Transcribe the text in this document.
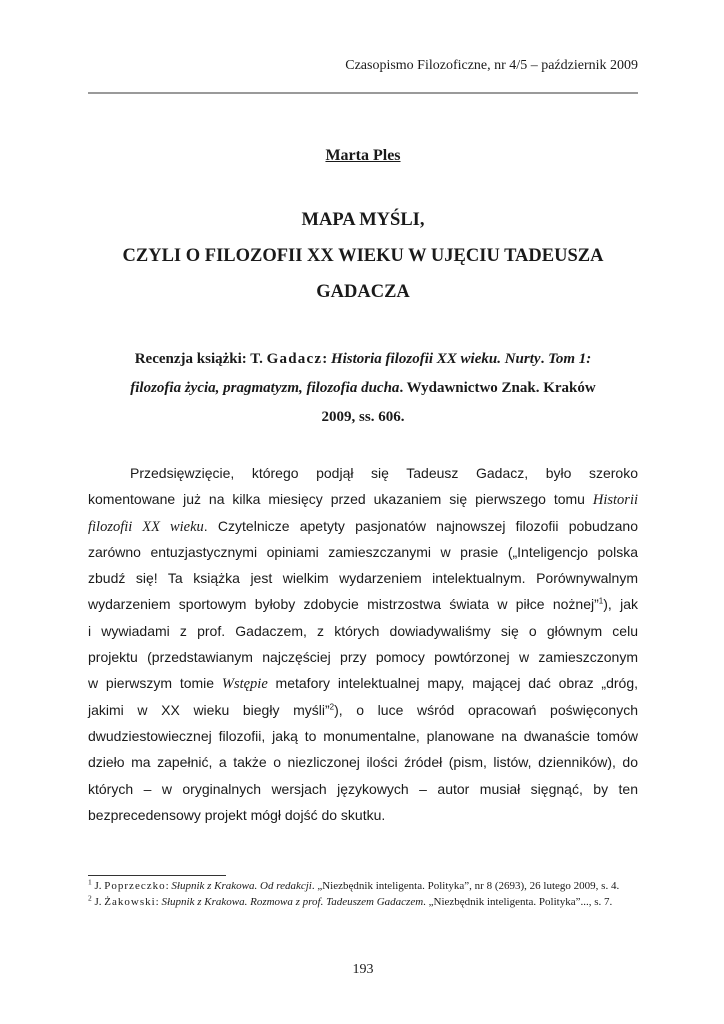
Czasopismo Filozoficzne, nr 4/5 – październik 2009
Marta Ples
MAPA MYŚLI,
CZYLI O FILOZOFII XX WIEKU W UJĘCIU TADEUSZA
GADACZA

Recenzja książki: T. Gadacz: Historia filozofii XX wieku. Nurty. Tom 1:
filozofia życia, pragmatyzm, filozofia ducha. Wydawnictwo Znak. Kraków
2009, ss. 606.

Przedsięwzięcie, którego podjął się Tadeusz Gadacz, było szeroko
komentowane już na kilka miesięcy przed ukazaniem się pierwszego tomu Historii
filozofii XX wieku. Czytelnicze apetyty pasjonatów najnowszej filozofii pobudzano
zarówno entuzjastycznymi opiniami zamieszczanymi w prasie („Inteligencjo polska
zbudź się! Ta książka jest wielkim wydarzeniem intelektualnym. Porównywalnym
wydarzeniem sportowym byłoby zdobycie mistrzostwa świata w piłce nożnej”$^1$), jak
i wywiadami z prof. Gadaczem, z których dowiadywaliśmy się o głównym celu
projektu (przedstawianym najczęściej przy pomocy powtórzonej w zamieszczonym
w pierwszym tomie Wstępie metafory intelektualnej mapy, mającej dać obraz „dróg,
jakimi w XX wieku biegły myśli”$^2$), o luce wśród opracowań poświęconych
dwudziestowiecznej filozofii, jaką to monumentalne, planowane na dwanaście tomów
dzieło ma zapełnić, a także o niezliczonej ilości źródeł (pism, listów, dzienników), do
których – w oryginalnych wersjach językowych – autor musiał sięgnąć, by ten
bezprecedensowy projekt mógł dojść do skutku.

$^1$ J. Poprzeczko: Słupnik z Krakowa. Od redakcji. „Niezbędnik inteligenta. Polityka”, nr 8 (2693), 26 lutego 2009, s. 4.

$^2$ J. Żakowski: Słupnik z Krakowa. Rozmowa z prof. Tadeuszem Gadaczem. „Niezbędnik inteligenta. Polityka”..., s. 7.

193
